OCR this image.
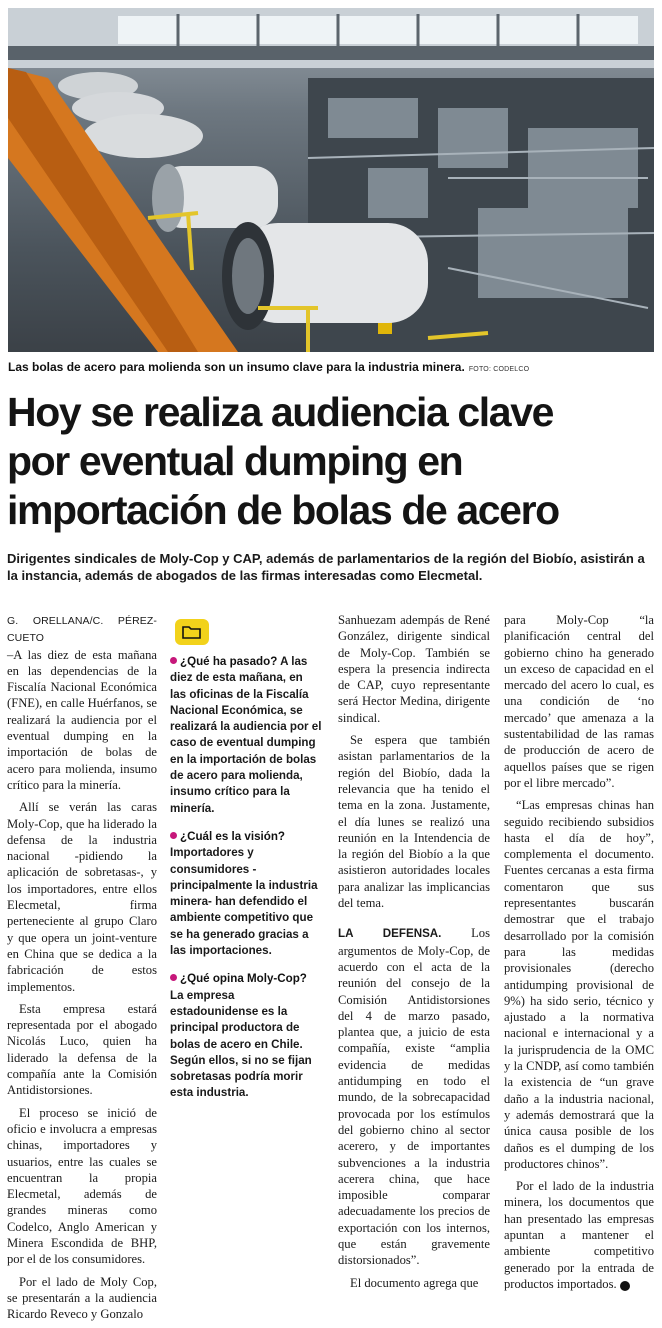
Las bolas de acero para molienda son un insumo clave para la industria minera. FOTO: CODELCO
Hoy se realiza audiencia clave
por eventual dumping en
importación de bolas de acero

Dirigentes sindicales de Moly-Cop y CAP, además de parlamentarios de la región del Biobío, asistirán a la instancia, además de abogados de las firmas interesadas como Elecmetal.

G. ORELLANA/C. PÉREZ-CUETO
–A las diez de esta mañana en las dependencias de la Fiscalía Nacional Económica (FNE), en calle Huérfanos, se realizará la audiencia por el eventual dumping en la importación de bolas de acero para molienda, insumo crítico para la minería.

Allí se verán las caras Moly-Cop, que ha liderado la defensa de la industria nacional -pidiendo la aplicación de sobretasas-, y los importadores, entre ellos Elecmetal, firma perteneciente al grupo Claro y que opera un joint-venture en China que se dedica a la fabricación de estos implementos.

Esta empresa estará representada por el abogado Nicolás Luco, quien ha liderado la defensa de la compañía ante la Comisión Antidistorsiones.

El proceso se inició de oficio e involucra a empresas chinas, importadores y usuarios, entre las cuales se encuentran la propia Elecmetal, además de grandes mineras como Codelco, Anglo American y Minera Escondida de BHP, por el de los consumidores.

Por el lado de Moly Cop, se presentarán a la audiencia Ricardo Reveco y Gonzalo

¿Qué ha pasado? A las diez de esta mañana, en las oficinas de la Fiscalía Nacional Económica, se realizará la audiencia por el caso de eventual dumping en la importación de bolas de acero para molienda, insumo crítico para la minería.
¿Cuál es la visión? Importadores y consumidores -principalmente la industria minera- han defendido el ambiente competitivo que se ha generado gracias a las importaciones.
¿Qué opina Moly-Cop? La empresa estadounidense es la principal productora de bolas de acero en Chile. Según ellos, si no se fijan sobretasas podría morir esta industria.

Sanhuezam adempás de René González, dirigente sindical de Moly-Cop. También se espera la presencia indirecta de CAP, cuyo representante será Hector Medina, dirigente sindical.

Se espera que también asistan parlamentarios de la región del Biobío, dada la relevancia que ha tenido el tema en la zona. Justamente, el día lunes se realizó una reunión en la Intendencia de la región del Biobío a la que asistieron autoridades locales para analizar las implicancias del tema.

LA DEFENSA. Los argumentos de Moly-Cop, de acuerdo con el acta de la reunión del consejo de la Comisión Antidistorsiones del 4 de marzo pasado, plantea que, a juicio de esta compañía, existe “amplia evidencia de medidas antidumping en todo el mundo, de la sobrecapacidad provocada por los estímulos del gobierno chino al sector acerero, y de importantes subvenciones a la industria acerera china, que hace imposible comparar adecuadamente los precios de exportación con los internos, que están gravemente distorsionados”.

El documento agrega que

para Moly-Cop “la planificación central del gobierno chino ha generado un exceso de capacidad en el mercado del acero lo cual, es una condición de ‘no mercado’ que amenaza a la sustentabilidad de las ramas de producción de acero de aquellos países que se rigen por el libre mercado”.

“Las empresas chinas han seguido recibiendo subsidios hasta el día de hoy”, complementa el documento. Fuentes cercanas a esta firma comentaron que sus representantes buscarán demostrar que el trabajo desarrollado por la comisión para las medidas provisionales (derecho antidumping provisional de 9%) ha sido serio, técnico y ajustado a la normativa nacional e internacional y a la jurisprudencia de la OMC y la CNDP, así como también la existencia de “un grave daño a la industria nacional, y además demostrará que la única causa posible de los daños es el dumping de los productores chinos”.

Por el lado de la industria minera, los documentos que han presentado las empresas apuntan a mantener el ambiente competitivo generado por la entrada de productos importados. P
